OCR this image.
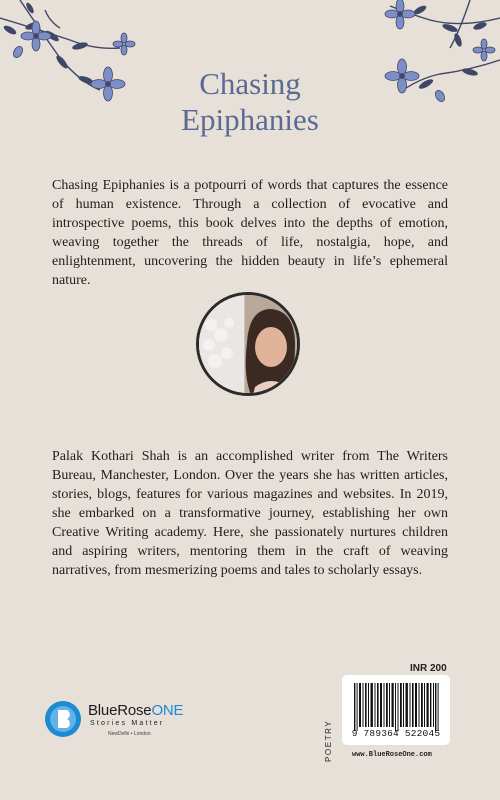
Chasing
Epiphanies

Chasing Epiphanies is a potpourri of words that captures the essence of human existence. Through a collection of evocative and introspective poems, this book delves into the depths of emotion, weaving together the threads of life, nostalgia, hope, and enlightenment, uncovering the hidden beauty in life’s ephemeral nature.

Palak Kothari Shah is an accomplished writer from The Writers Bureau, Manchester, London. Over the years she has written articles, stories, blogs, features for various magazines and websites. In 2019, she embarked on a transformative journey, establishing her own Creative Writing academy. Here, she passionately nurtures children and aspiring writers, mentoring them in the craft of weaving narratives, from mesmerizing poems and tales to scholarly essays.

BlueRoseONE
Stories Matter
NewDelhi • London
INR 200
POETRY	9 789364 522045
www.BlueRoseOne.com
